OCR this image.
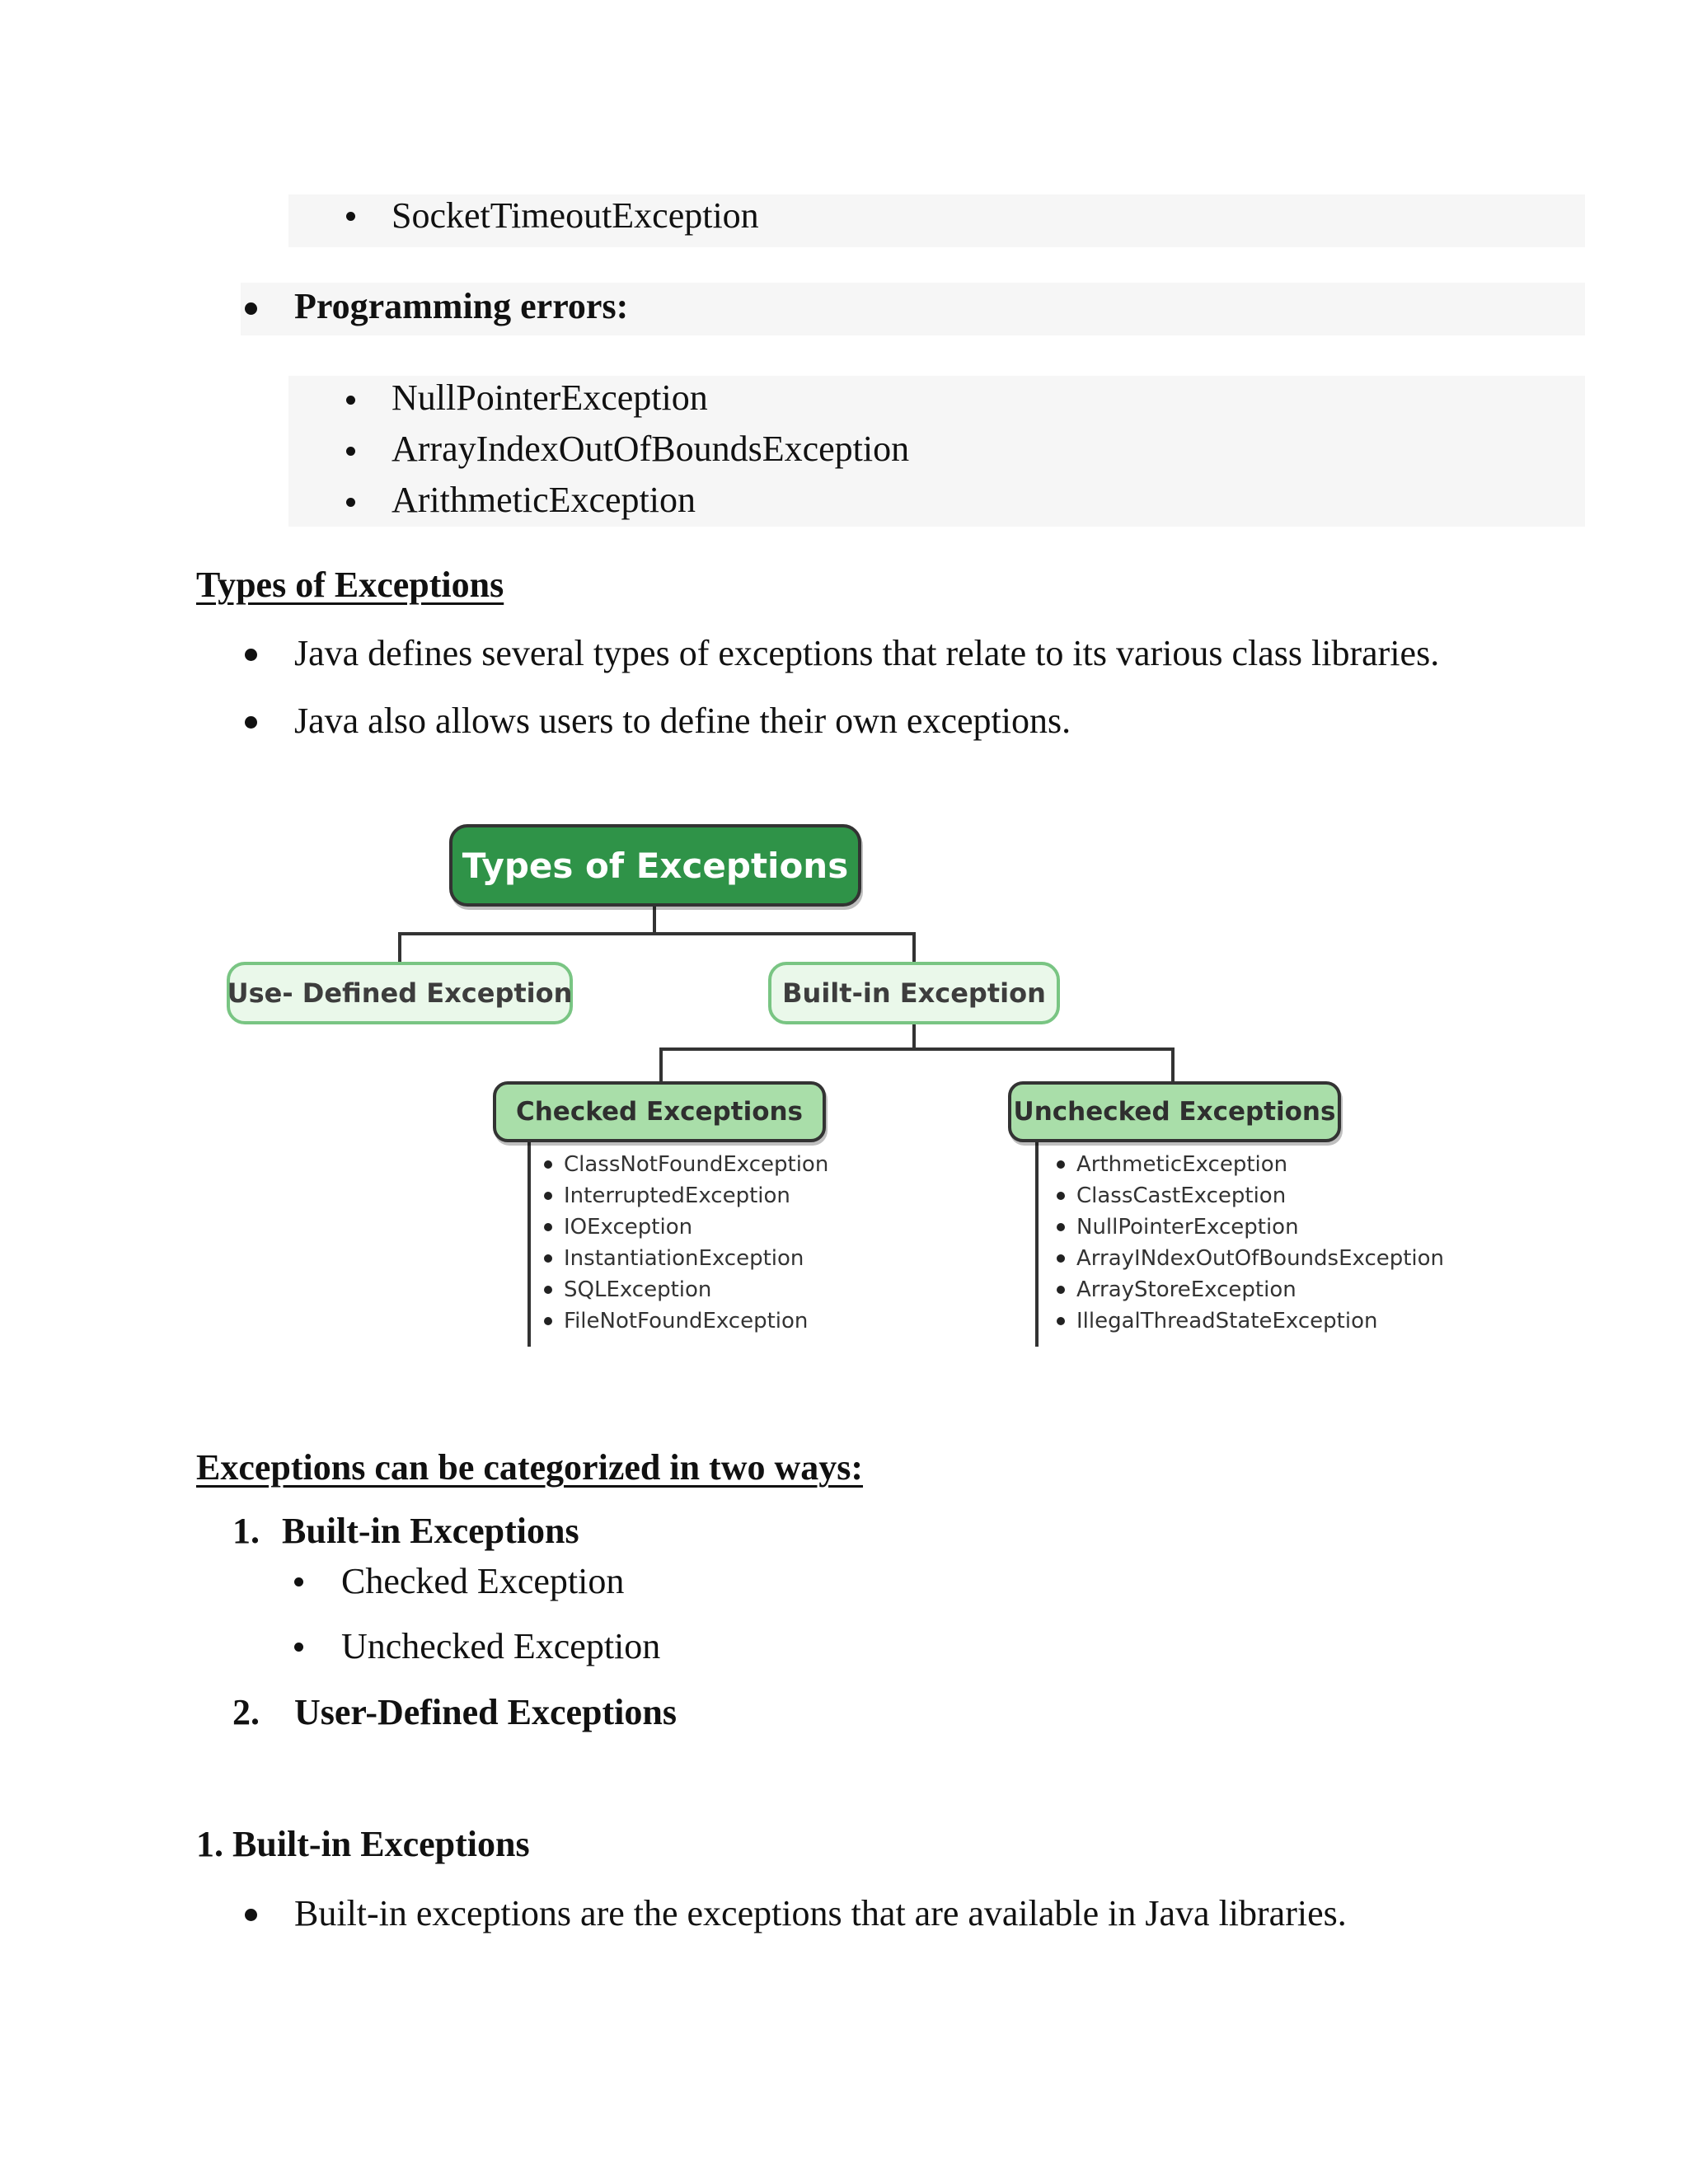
SocketTimeoutException
Programming errors:
NullPointerException
ArrayIndexOutOfBoundsException
ArithmeticException
Types of Exceptions
Java defines several types of exceptions that relate to its various class libraries.
Java also allows users to define their own exceptions.
Types of Exceptions
Use- Defined Exception	Built-in Exception
Checked Exceptions	Unchecked Exceptions
ClassNotFoundException
InterruptedException
IOException
InstantiationException
SQLException
FileNotFoundException
ArthmeticException
ClassCastException
NullPointerException
ArrayINdexOutOfBoundsException
ArrayStoreException
IllegalThreadStateException
Exceptions can be categorized in two ways:
1. Built-in Exceptions
Checked Exception
Unchecked Exception
2. User-Defined Exceptions
1. Built-in Exceptions
Built-in exceptions are the exceptions that are available in Java libraries.
